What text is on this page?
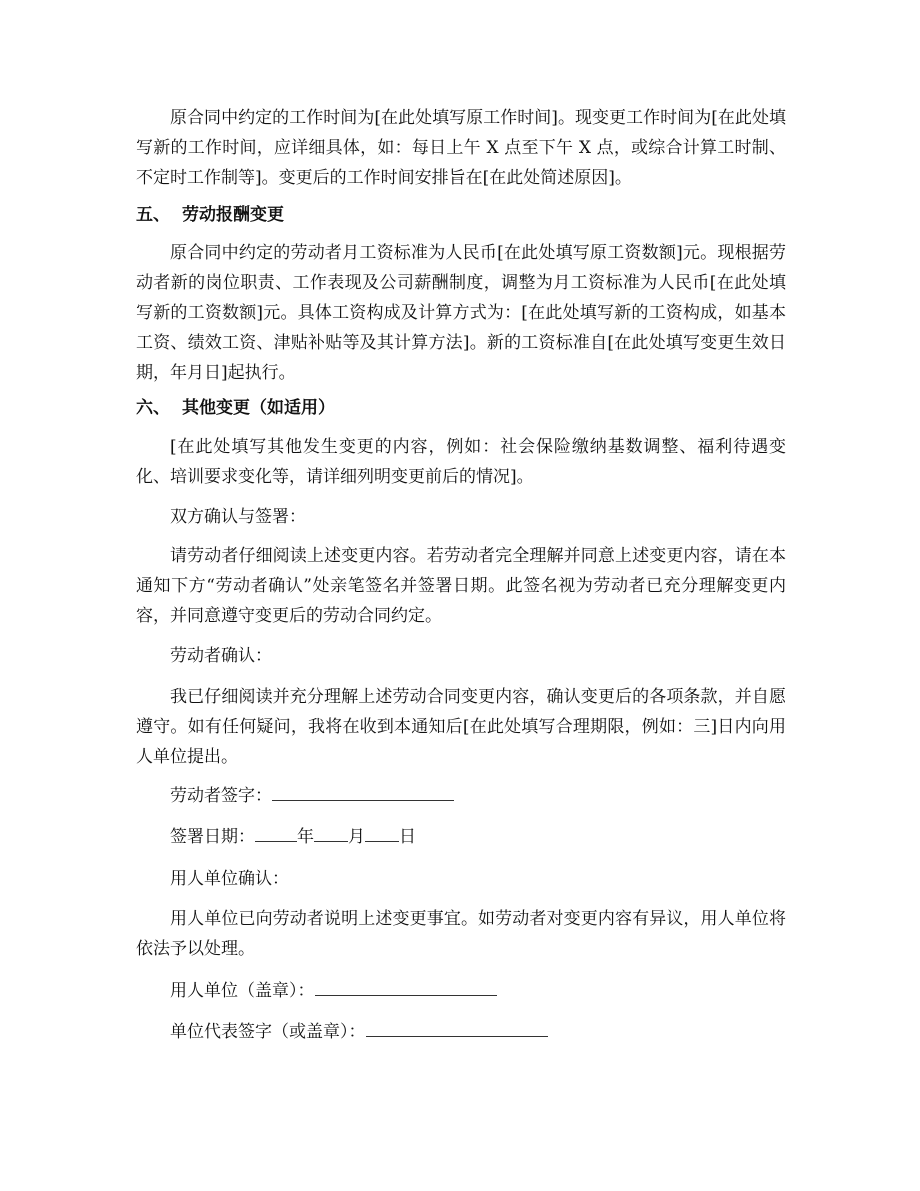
原合同中约定的工作时间为[在此处填写原工作时间]。现变更工作时间为[在此处填写新的工作时间，应详细具体，如：每日上午 X 点至下午 X 点，或综合计算工时制、不定时工作制等]。变更后的工作时间安排旨在[在此处简述原因]。

五、 劳动报酬变更

原合同中约定的劳动者月工资标准为人民币[在此处填写原工资数额]元。现根据劳动者新的岗位职责、工作表现及公司薪酬制度，调整为月工资标准为人民币[在此处填写新的工资数额]元。具体工资构成及计算方式为：[在此处填写新的工资构成，如基本工资、绩效工资、津贴补贴等及其计算方法]。新的工资标准自[在此处填写变更生效日期，年月日]起执行。

六、 其他变更（如适用）

[在此处填写其他发生变更的内容，例如：社会保险缴纳基数调整、福利待遇变化、培训要求变化等，请详细列明变更前后的情况]。

双方确认与签署：

请劳动者仔细阅读上述变更内容。若劳动者完全理解并同意上述变更内容，请在本通知下方“劳动者确认”处亲笔签名并签署日期。此签名视为劳动者已充分理解变更内容，并同意遵守变更后的劳动合同约定。

劳动者确认：

我已仔细阅读并充分理解上述劳动合同变更内容，确认变更后的各项条款，并自愿遵守。如有任何疑问，我将在收到本通知后[在此处填写合理期限，例如：三]日内向用人单位提出。

劳动者签字：
签署日期： 年 月 日

用人单位确认：

用人单位已向劳动者说明上述变更事宜。如劳动者对变更内容有异议，用人单位将依法予以处理。

用人单位（盖章）：
单位代表签字（或盖章）：
